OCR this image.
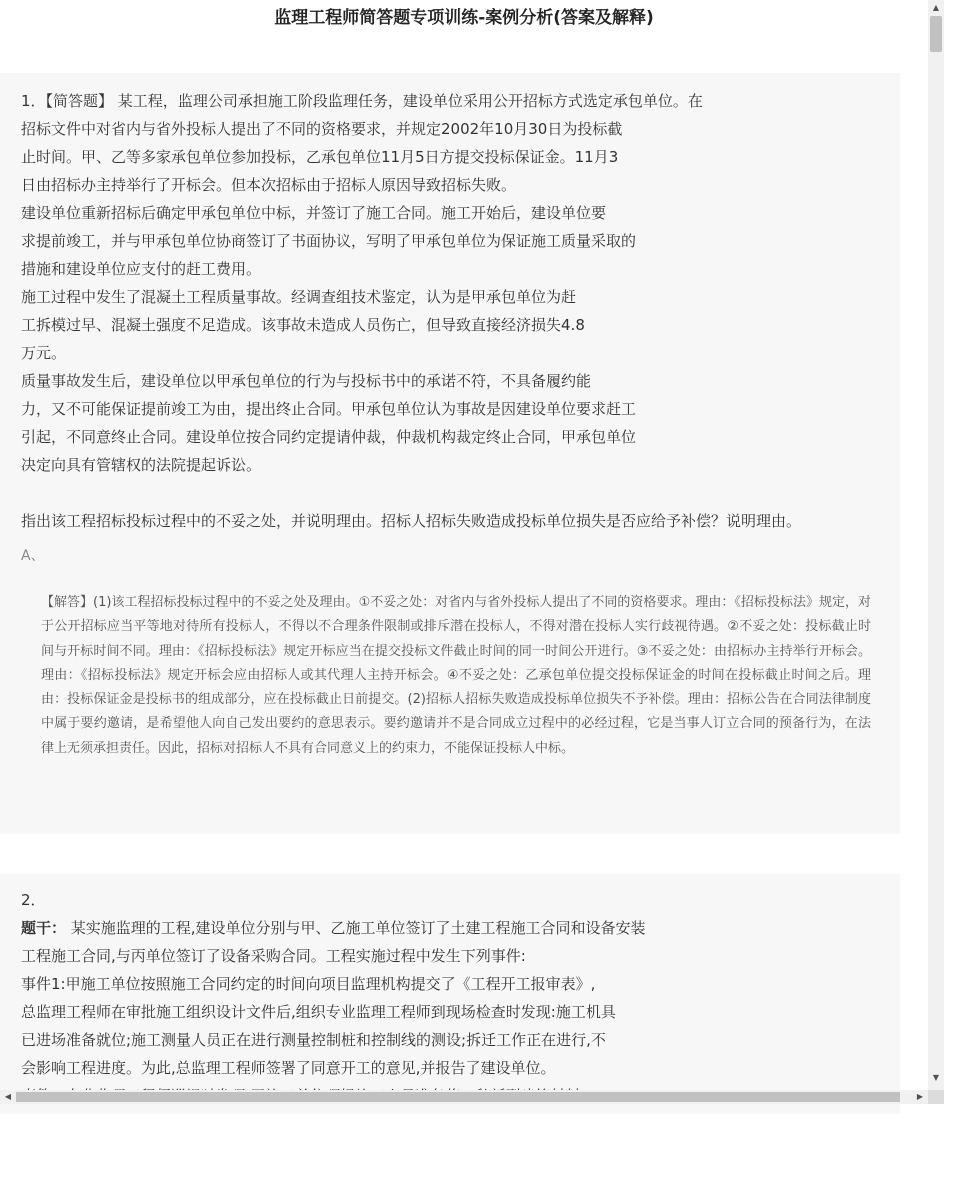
监理工程师简答题专项训练-案例分析(答案及解释)
1．【简答题】 某工程，监理公司承担施工阶段监理任务，建设单位采用公开招标方式选定承包单位。在
招标文件中对省内与省外投标人提出了不同的资格要求，并规定2002年10月30日为投标截
止时间。甲、乙等多家承包单位参加投标，乙承包单位11月5日方提交投标保证金。11月3
日由招标办主持举行了开标会。但本次招标由于招标人原因导致招标失败。
建设单位重新招标后确定甲承包单位中标，并签订了施工合同。施工开始后，建设单位要
求提前竣工，并与甲承包单位协商签订了书面协议，写明了甲承包单位为保证施工质量采取的
措施和建设单位应支付的赶工费用。
施工过程中发生了混凝土工程质量事故。经调查组技术鉴定，认为是甲承包单位为赶
工拆模过早、混凝土强度不足造成。该事故未造成人员伤亡，但导致直接经济损失4.8
万元。
质量事故发生后，建设单位以甲承包单位的行为与投标书中的承诺不符，不具备履约能
力，又不可能保证提前竣工为由，提出终止合同。甲承包单位认为事故是因建设单位要求赶工
引起，不同意终止合同。建设单位按合同约定提请仲裁，仲裁机构裁定终止合同，甲承包单位
决定向具有管辖权的法院提起诉讼。
指出该工程招标投标过程中的不妥之处，并说明理由。招标人招标失败造成投标单位损失是否应给予补偿？说明理由。
A、
【解答】(1)该工程招标投标过程中的不妥之处及理由。①不妥之处：对省内与省外投标人提出了不同的资格要求。理由：《招标投标法》规定，对于公开招标应当平等地对待所有投标人，不得以不合理条件限制或排斥潜在投标人，不得对潜在投标人实行歧视待遇。②不妥之处：投标截止时间与开标时间不同。理由：《招标投标法》规定开标应当在提交投标文件截止时间的同一时间公开进行。③不妥之处：由招标办主持举行开标会。理由：《招标投标法》规定开标会应由招标人或其代理人主持开标会。④不妥之处：乙承包单位提交投标保证金的时间在投标截止时间之后。理由：投标保证金是投标书的组成部分，应在投标截止日前提交。(2)招标人招标失败造成投标单位损失不予补偿。理由：招标公告在合同法律制度中属于要约邀请，是希望他人向自己发出要约的意思表示。要约邀请并不是合同成立过程中的必经过程，它是当事人订立合同的预备行为，在法律上无须承担责任。因此，招标对招标人不具有合同意义上的约束力，不能保证投标人中标。
2．
题干： 某实施监理的工程,建设单位分别与甲、乙施工单位签订了土建工程施工合同和设备安装
工程施工合同,与丙单位签订了设备采购合同。工程实施过程中发生下列事件:
事件1:甲施工单位按照施工合同约定的时间向项目监理机构提交了《工程开工报审表》,
总监理工程师在审批施工组织设计文件后,组织专业监理工程师到现场检查时发现:施工机具
已进场准备就位;施工测量人员正在进行测量控制桩和控制线的测设;拆迁工作正在进行,不
会影响工程进度。为此,总监理工程师签署了同意开工的意见,并报告了建设单位。
▲
▼
◀	▶
